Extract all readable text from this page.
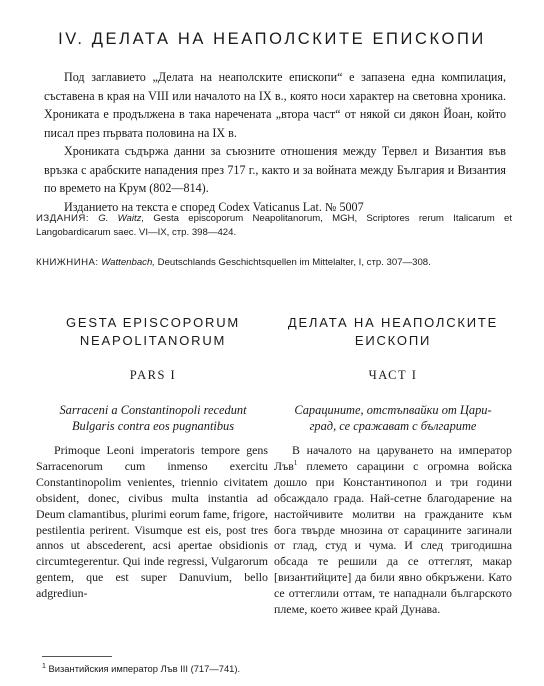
IV. ДЕЛАТА НА НЕАПОЛСКИТЕ ЕПИСКОПИ

Под заглавието „Делата на неаполските епископи“ е запазена една компилация, съставена в края на VIII или началото на IX в., която носи характер на световна хроника. Хрониката е продължена в така наречената „втора част“ от някой си дякон Йоан, който писал през първата половина на IX в.

Хрониката съдържа данни за съюзните отношения между Тервел и Византия във връзка с арабските нападения през 717 г., както и за войната между България и Византия по времето на Крум (802—814).

Изданието на текста е според Codex Vaticanus Lat. № 5007

ИЗДАНИЯ: G. Waitz, Gesta episcoporum Neapolitanorum, MGH, Scriptores rerum Italicarum et Langobardicarum saec. VI—IX, стр. 398—424.
КНИЖНИНА: Wattenbach, Deutschlands Geschichtsquellen im Mittelalter, I, стр. 307—308.
GESTA EPISCOPORUM
NEAPOLITANORUM
PARS I
Sarraceni a Constantinopoli recedunt
Bulgaris contra eos pugnantibus

Primoque Leoni imperatoris tempore gens Sarracenorum cum inmenso exercitu Constantinopolim venientes, triennio civitatem obsident, donec, civibus multa instantia ad Deum clamantibus, plurimi eorum fame, frigore, pestilentia perirent. Visumque est eis, post tres annos ut abscederent, acsi apertae obsidionis circumtegerentur. Qui inde regressi, Vulgarorum gentem, que est super Danuvium, bello adgrediun-

ДЕЛАТА НА НЕАПОЛСКИТЕ
ЕИСКОПИ
ЧАСТ I
Сарацините, отстъпвайки от Цари-
град, се сражават с българите

В началото на царуването на император Лъв$^1$ племето сарацини с огромна войска дошло при Константинопол и три години обсаждало града. Най-сетне благодарение на настойчивите молитви на гражданите към бога твърде мнозина от сарацините загинали от глад, студ и чума. И след тригодишна обсада те решили да се оттеглят, макар [византийците] да били явно обкръжени. Като се оттеглили оттам, те нападнали българското племе, което живее край Дунава.

$^1$ Византийския император Лъв III (717—741).
